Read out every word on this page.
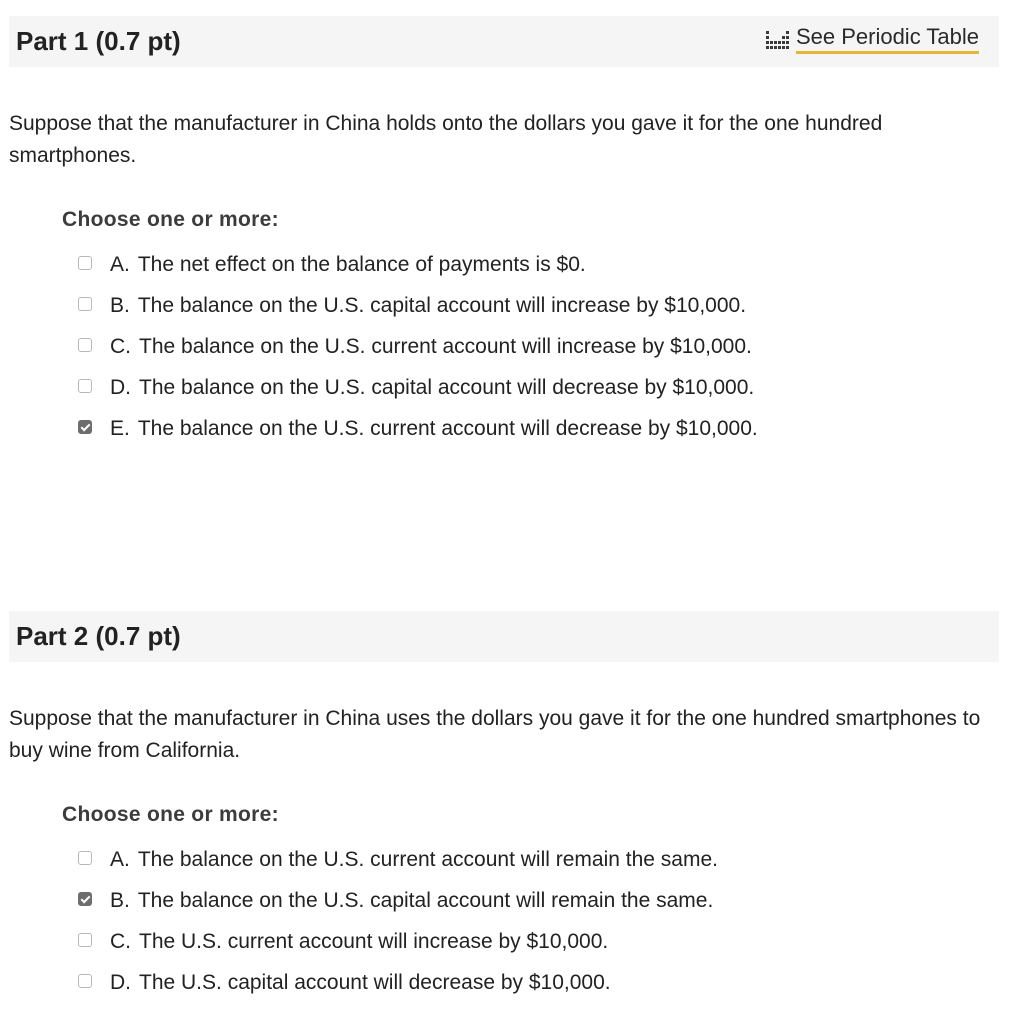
Part 1 (0.7 pt)	See Periodic Table
Suppose that the manufacturer in China holds onto the dollars you gave it for the one hundred smartphones.
Choose one or more:
A. The net effect on the balance of payments is $0.
B. The balance on the U.S. capital account will increase by $10,000.
C. The balance on the U.S. current account will increase by $10,000.
D. The balance on the U.S. capital account will decrease by $10,000.
E. The balance on the U.S. current account will decrease by $10,000.
Part 2 (0.7 pt)
Suppose that the manufacturer in China uses the dollars you gave it for the one hundred smartphones to buy wine from California.
Choose one or more:
A. The balance on the U.S. current account will remain the same.
B. The balance on the U.S. capital account will remain the same.
C. The U.S. current account will increase by $10,000.
D. The U.S. capital account will decrease by $10,000.
